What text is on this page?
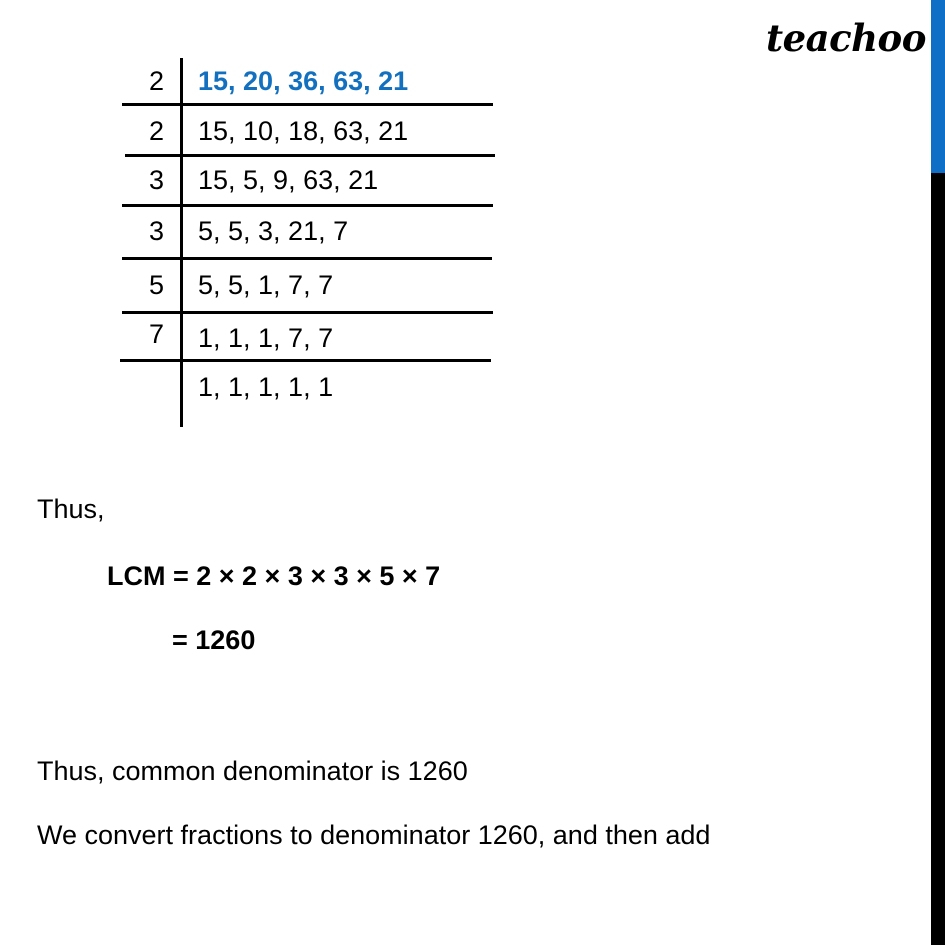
teachoo
2 15, 20, 36, 63, 21
2 15, 10, 18, 63, 21
3 15, 5, 9, 63, 21
3 5, 5, 3, 21, 7
5 5, 5, 1, 7, 7
7 1, 1, 1, 7, 7
1, 1, 1, 1, 1
Thus,
LCM = 2 × 2 × 3 × 3 × 5 × 7
= 1260
Thus, common denominator is 1260
We convert fractions to denominator 1260, and then add
